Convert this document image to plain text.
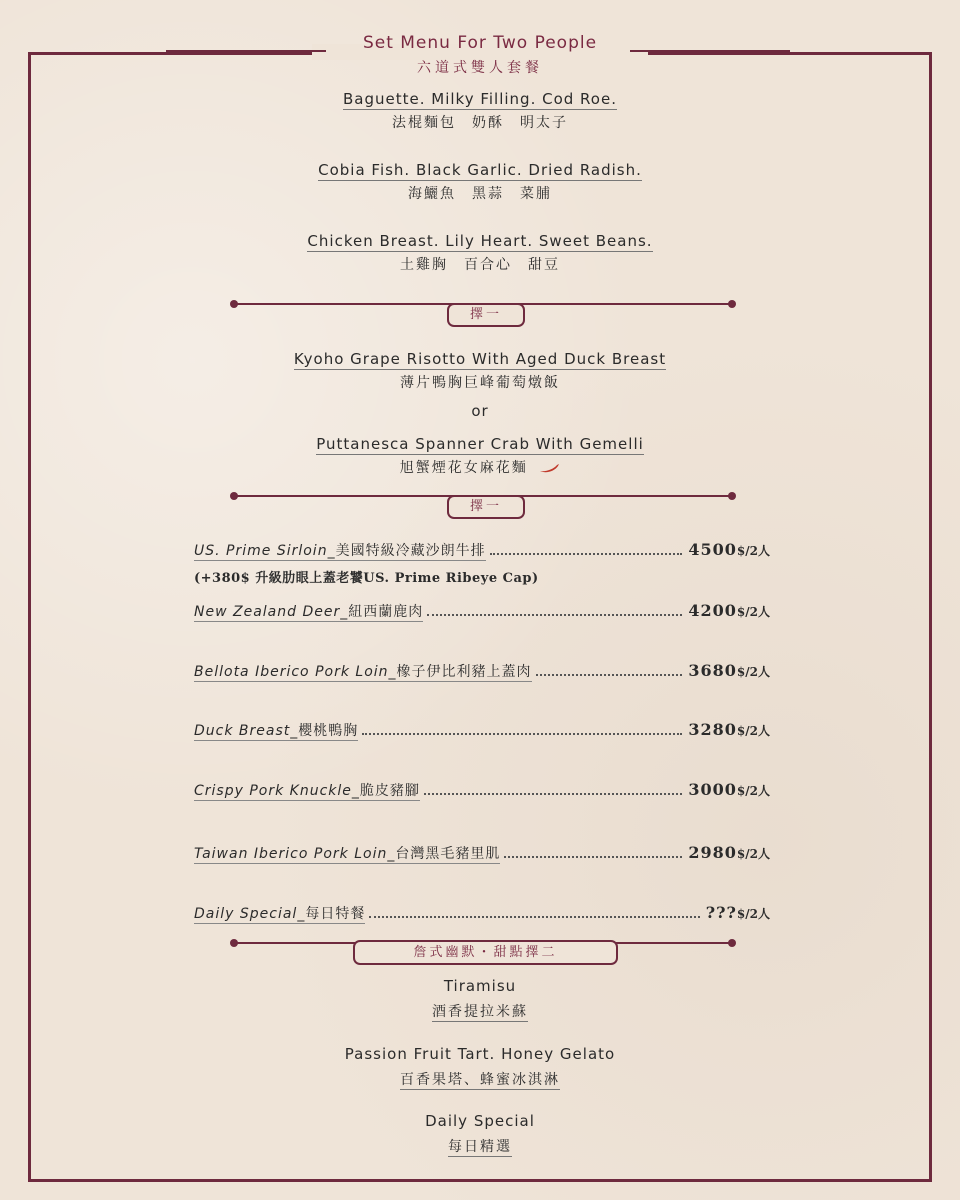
Set Menu For Two People
六道式雙人套餐
Baguette. Milky Filling. Cod Roe.
法棍麵包　奶酥　明太子
Cobia Fish. Black Garlic. Dried Radish.
海鱺魚　黑蒜　菜脯
Chicken Breast. Lily Heart. Sweet Beans.
土雞胸　百合心　甜豆
擇一
Kyoho Grape Risotto With Aged Duck Breast
薄片鴨胸巨峰葡萄燉飯
or
Puttanesca Spanner Crab With Gemelli
旭蟹煙花女麻花麵
擇一
US. Prime Sirloin_美國特級冷藏沙朗牛排	4500 $/2人
(+380$ 升級肋眼上蓋老饕US. Prime Ribeye Cap)
New Zealand Deer_紐西蘭鹿肉	4200 $/2人
Bellota Iberico Pork Loin_橡子伊比利豬上蓋肉	3680 $/2人
Duck Breast_櫻桃鴨胸	3280 $/2人
Crispy Pork Knuckle_脆皮豬腳	3000 $/2人
Taiwan Iberico Pork Loin_台灣黑毛豬里肌	2980 $/2人
Daily Special_每日特餐	??? $/2人
詹式幽默・甜點擇二
Tiramisu
酒香提拉米蘇
Passion Fruit Tart. Honey Gelato
百香果塔、蜂蜜冰淇淋
Daily Special
每日精選
